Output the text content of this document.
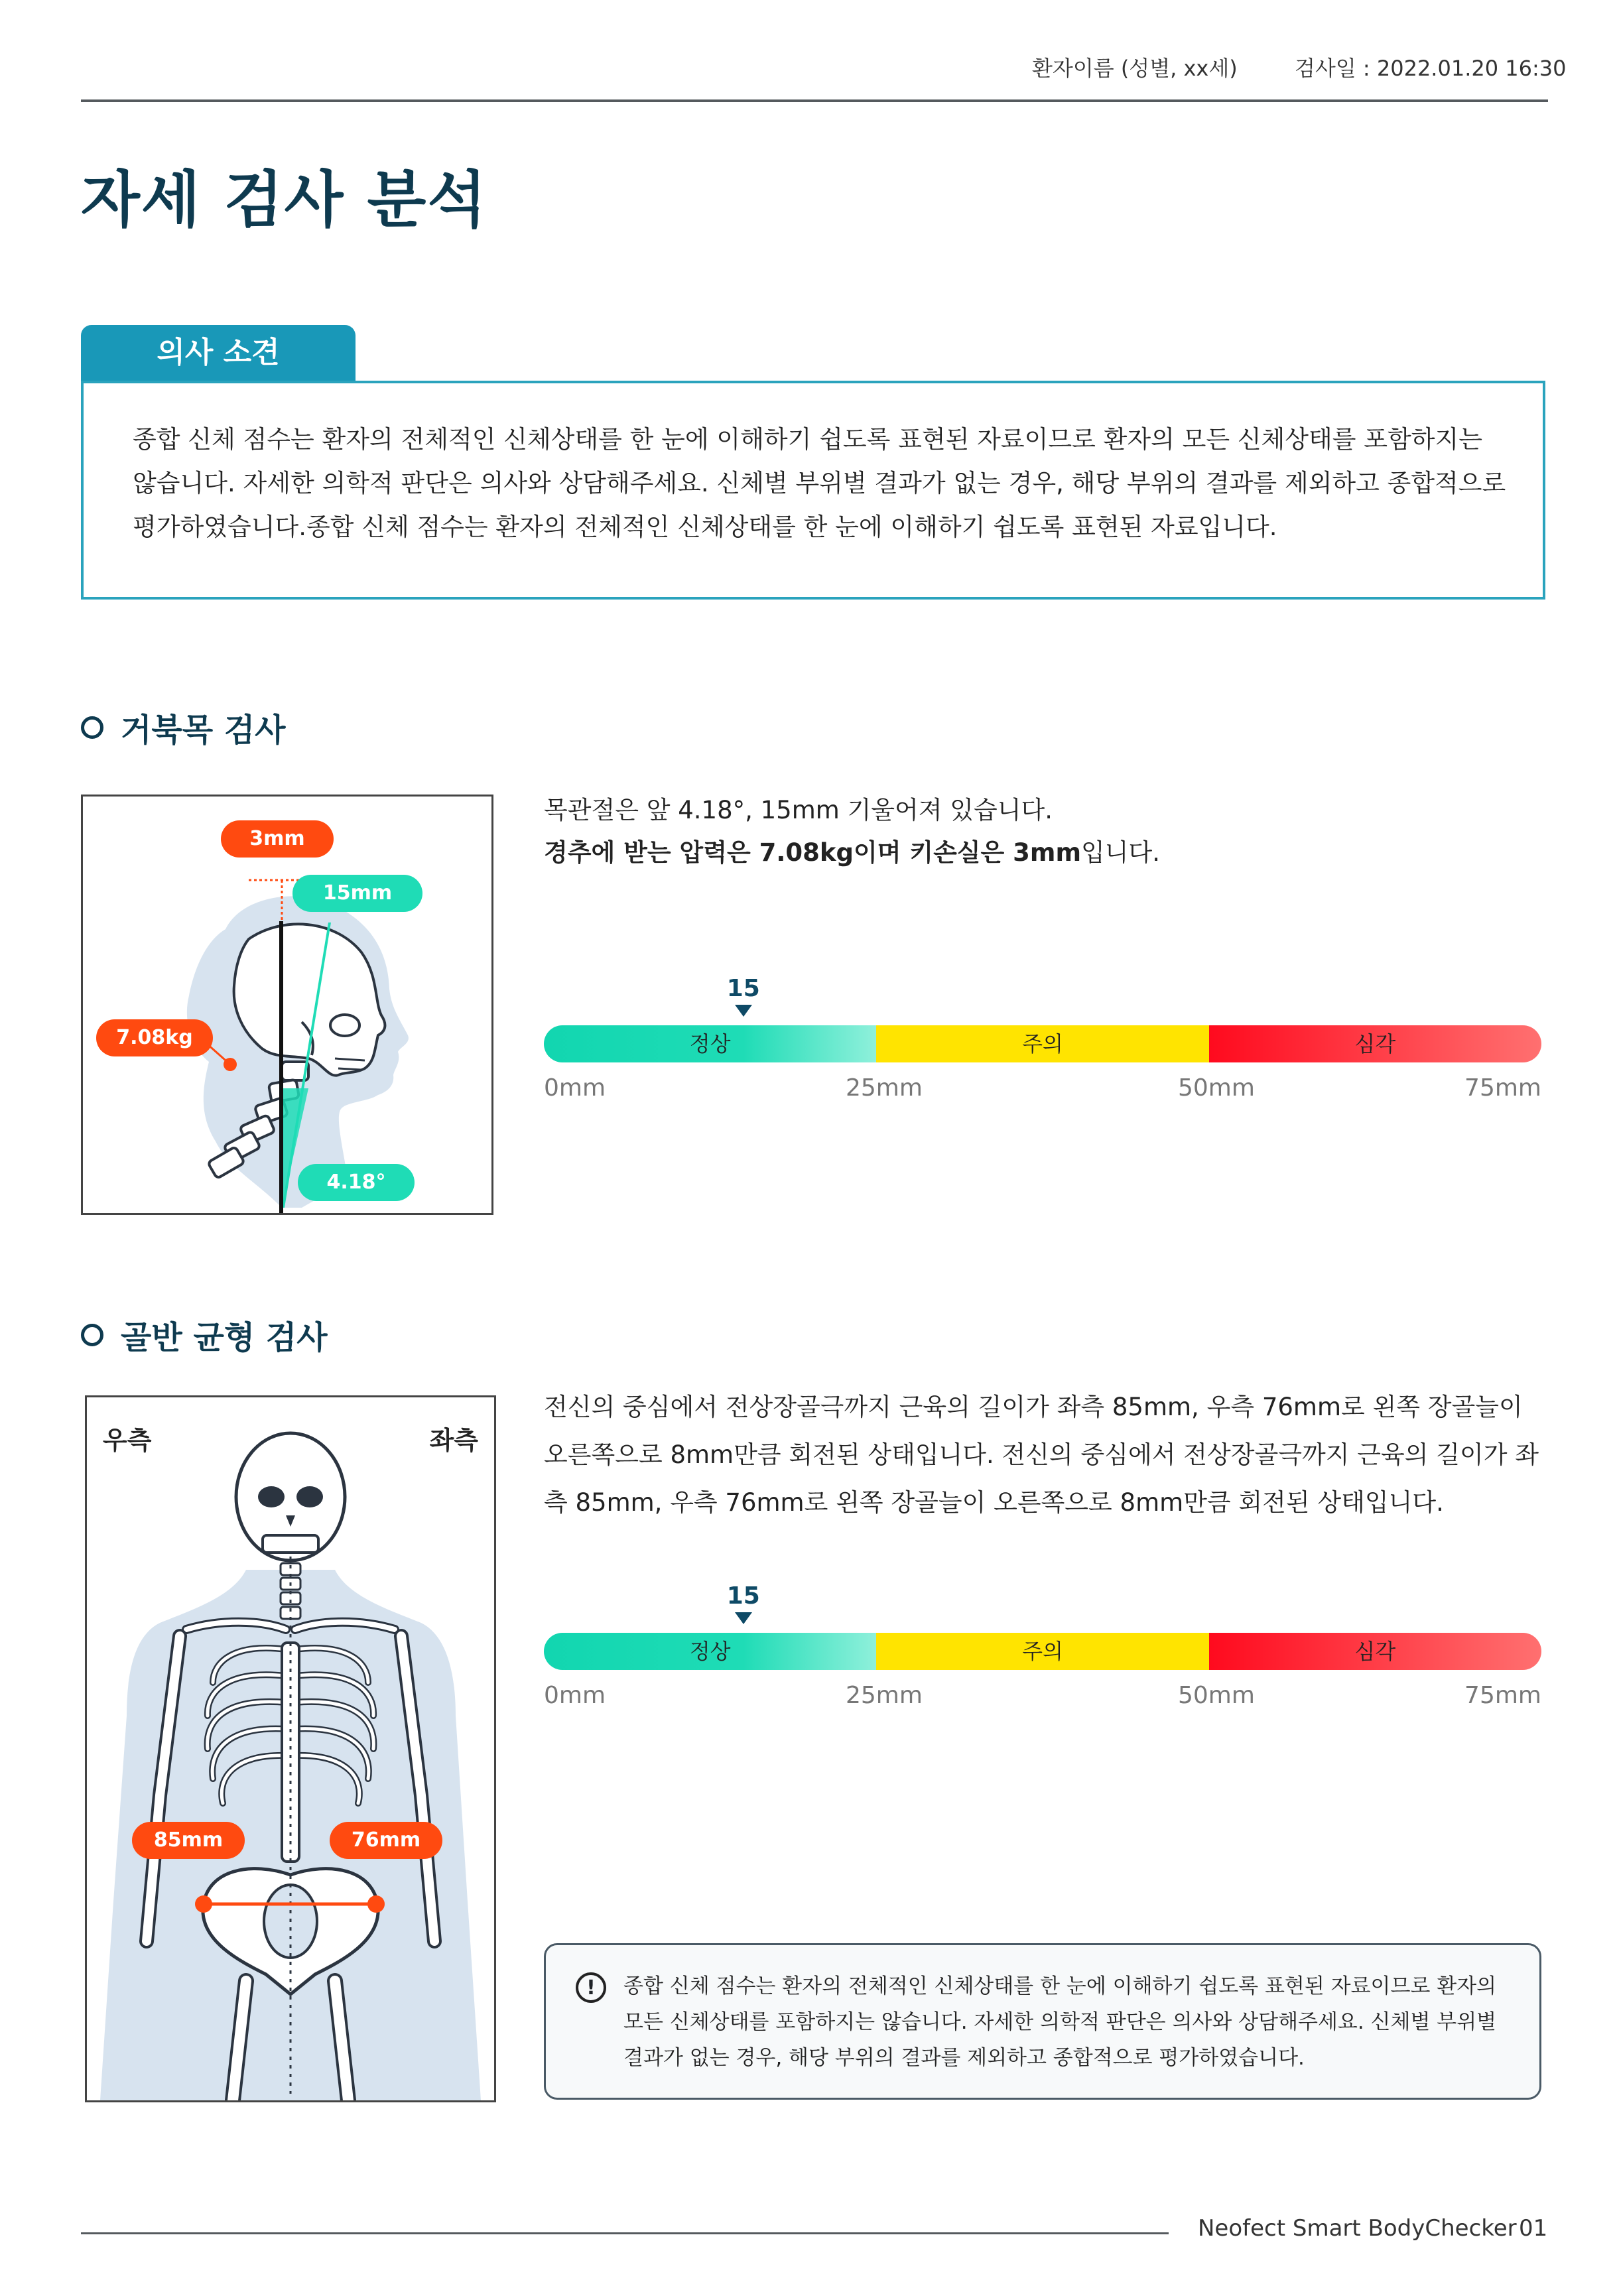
환자이름 (성별, xx세)	검사일 : 2022.01.20 16:30
자세 검사 분석
의사 소견
종합 신체 점수는 환자의 전체적인 신체상태를 한 눈에 이해하기 쉽도록 표현된 자료이므로 환자의 모든 신체상태를 포함하지는 않습니다. 자세한 의학적 판단은 의사와 상담해주세요. 신체별 부위별 결과가 없는 경우, 해당 부위의 결과를 제외하고 종합적으로 평가하였습니다.종합 신체 점수는 환자의 전체적인 신체상태를 한 눈에 이해하기 쉽도록 표현된 자료입니다.
거북목 검사
3mm
15mm
7.08kg
4.18°
목관절은 앞 4.18°, 15mm 기울어져 있습니다.
경추에 받는 압력은 7.08kg이며 키손실은 3mm입니다.
15
정상	주의	심각
0mm	25mm	50mm	75mm
골반 균형 검사
우측	좌측
85mm	76mm
전신의 중심에서 전상장골극까지 근육의 길이가 좌측 85mm, 우측 76mm로 왼쪽 장골늘이 오른쪽으로 8mm만큼 회전된 상태입니다. 전신의 중심에서 전상장골극까지 근육의 길이가 좌측 85mm, 우측 76mm로 왼쪽 장골늘이 오른쪽으로 8mm만큼 회전된 상태입니다.
15
정상	주의	심각
0mm	25mm	50mm	75mm
!	종합 신체 점수는 환자의 전체적인 신체상태를 한 눈에 이해하기 쉽도록 표현된 자료이므로 환자의 모든 신체상태를 포함하지는 않습니다. 자세한 의학적 판단은 의사와 상담해주세요. 신체별 부위별 결과가 없는 경우, 해당 부위의 결과를 제외하고 종합적으로 평가하였습니다.
Neofect Smart BodyChecker 01
